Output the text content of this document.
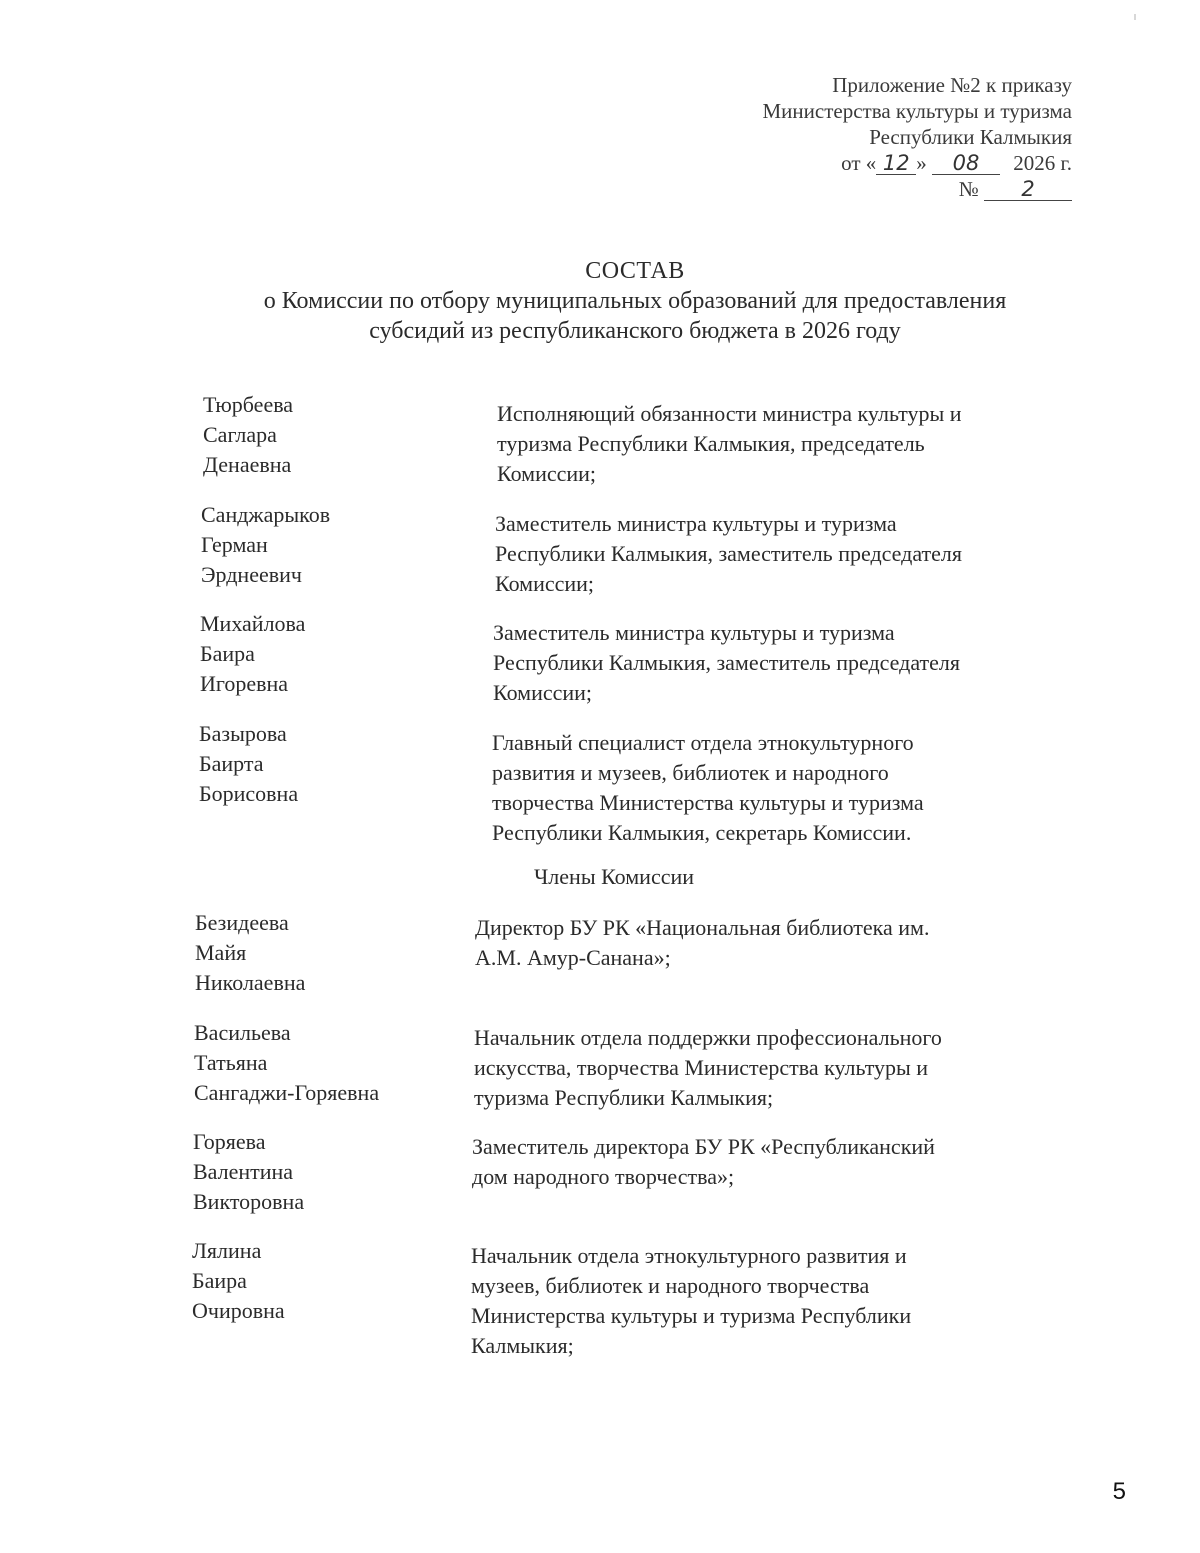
Приложение №2 к приказу
Министерства культуры и туризма
Республики Калмыкия
от « 12 » 08 2026 г.
№ 2
СОСТАВ
о Комиссии по отбору муниципальных образований для предоставления
субсидий из республиканского бюджета в 2026 году
Тюрбеева
Саглара
Денаевна
Исполняющий обязанности министра культуры и
туризма Республики Калмыкия, председатель
Комиссии;
Санджарыков
Герман
Эрднеевич
Заместитель министра культуры и туризма
Республики Калмыкия, заместитель председателя
Комиссии;
Михайлова
Баира
Игоревна
Заместитель министра культуры и туризма
Республики Калмыкия, заместитель председателя
Комиссии;
Базырова
Баирта
Борисовна
Главный специалист отдела этнокультурного
развития и музеев, библиотек и народного
творчества Министерства культуры и туризма
Республики Калмыкия, секретарь Комиссии.
Члены Комиссии
Безидеева
Майя
Николаевна
Директор БУ РК «Национальная библиотека им.
А.М. Амур-Санана»;
Васильева
Татьяна
Сангаджи-Горяевна
Начальник отдела поддержки профессионального
искусства, творчества Министерства культуры и
туризма Республики Калмыкия;
Горяева
Валентина
Викторовна
Заместитель директора БУ РК «Республиканский
дом народного творчества»;
Лялина
Баира
Очировна
Начальник отдела этнокультурного развития и
музеев, библиотек и народного творчества
Министерства культуры и туризма Республики
Калмыкия;
5
